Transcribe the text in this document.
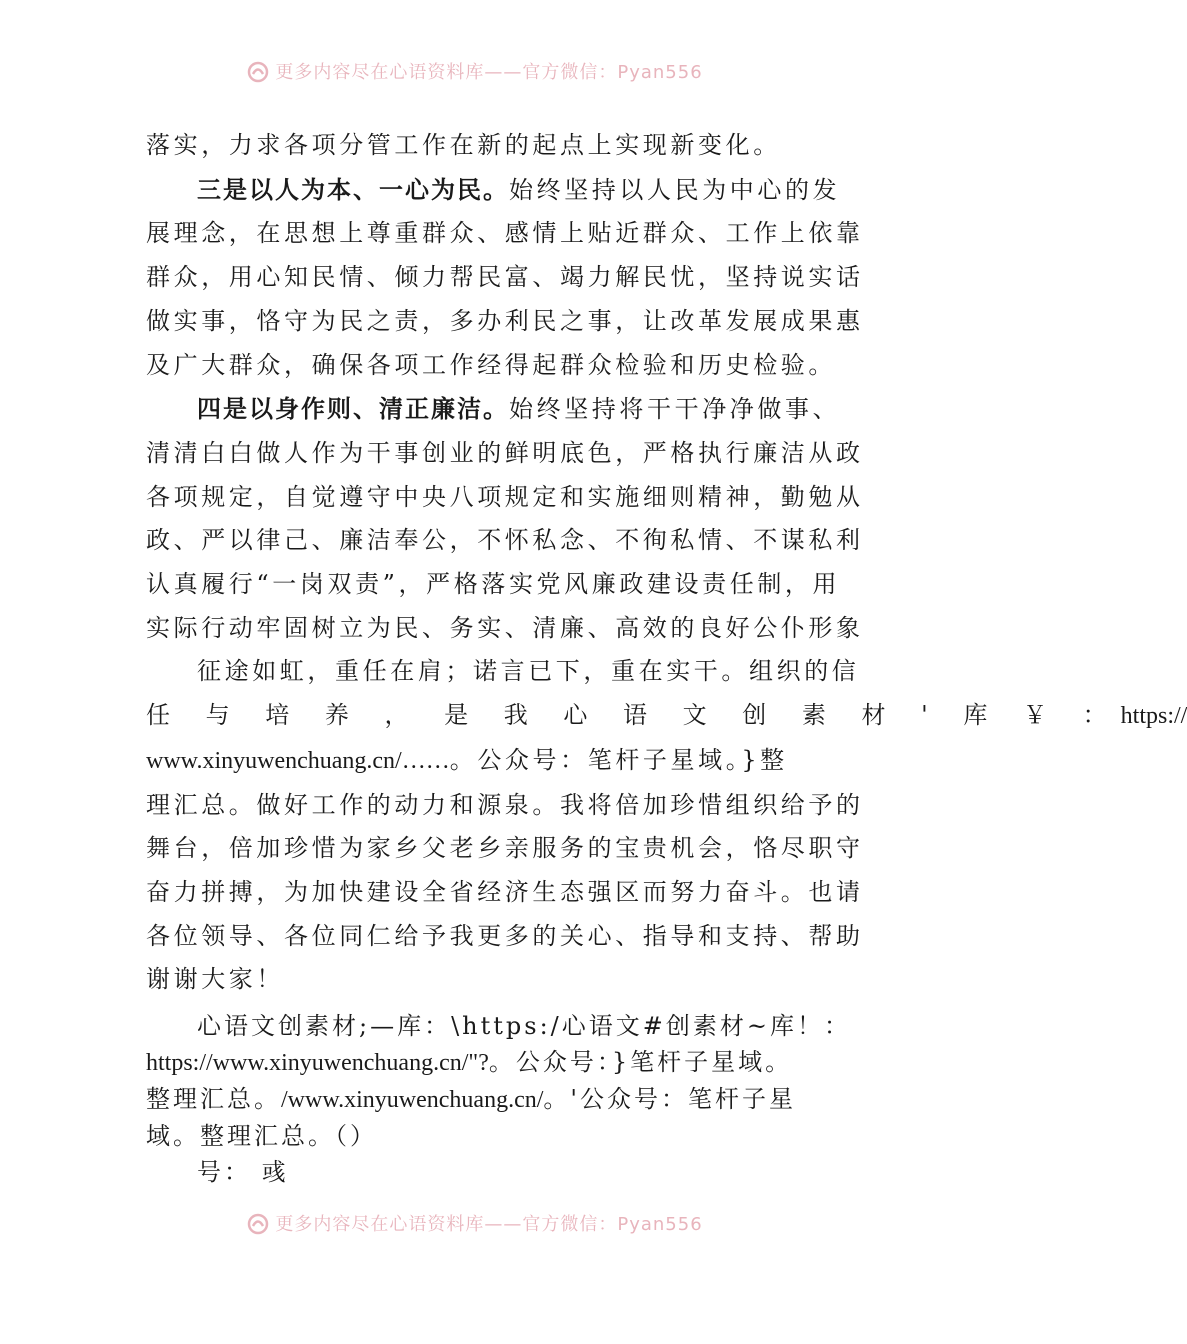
更多内容尽在心语资料库——官方微信：Pyan556

落实，力求各项分管工作在新的起点上实现新变化。

三是以人为本、一心为民。始终坚持以人民为中心的发
展理念，在思想上尊重群众、感情上贴近群众、工作上依靠
群众，用心知民情、倾力帮民富、竭力解民忧，坚持说实话
做实事，恪守为民之责，多办利民之事，让改革发展成果惠
及广大群众，确保各项工作经得起群众检验和历史检验。

四是以身作则、清正廉洁。始终坚持将干干净净做事、
清清白白做人作为干事创业的鲜明底色，严格执行廉洁从政
各项规定，自觉遵守中央八项规定和实施细则精神，勤勉从
政、严以律己、廉洁奉公，不怀私念、不徇私情、不谋私利
认真履行“一岗双责”，严格落实党风廉政建设责任制，用
实际行动牢固树立为民、务实、清廉、高效的良好公仆形象

征途如虹，重任在肩；诺言已下，重在实干。组织的信
任 与 培 养 ， 是 我 心 语 文 创 素 材 ' 库 ￥ ：https://
www.xinyuwenchuang.cn/……。公众号：笔杆子星域。}整
理汇总。做好工作的动力和源泉。我将倍加珍惜组织给予的
舞台，倍加珍惜为家乡父老乡亲服务的宝贵机会，恪尽职守
奋力拼搏，为加快建设全省经济生态强区而努力奋斗。也请
各位领导、各位同仁给予我更多的关心、指导和支持、帮助
谢谢大家！

心语文创素材;—库：\https:/心语文#创素材~库！：
https://www.xinyuwenchuang.cn/"?。公众号：}笔杆子星域。
整理汇总。/www.xinyuwenchuang.cn/。'公众号：笔杆子星
域。整理汇总。（）
号： 彧
更多内容尽在心语资料库——官方微信：Pyan556
